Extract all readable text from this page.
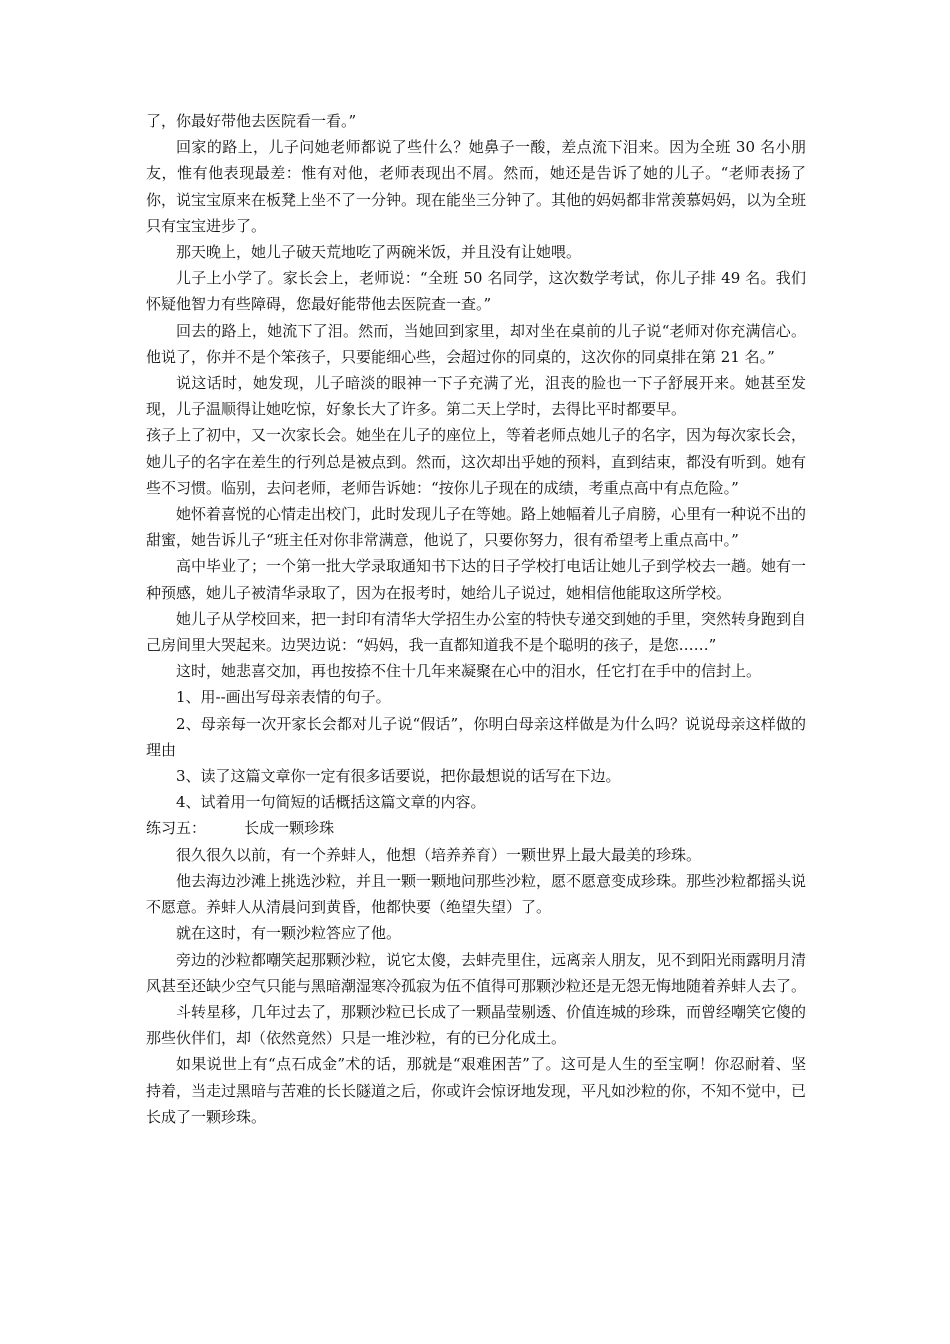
了，你最好带他去医院看一看。”

回家的路上，儿子问她老师都说了些什么？她鼻子一酸，差点流下泪来。因为全班 30 名小朋友，惟有他表现最差：惟有对他，老师表现出不屑。然而，她还是告诉了她的儿子。“老师表扬了你，说宝宝原来在板凳上坐不了一分钟。现在能坐三分钟了。其他的妈妈都非常羡慕妈妈，以为全班只有宝宝进步了。

那天晚上，她儿子破天荒地吃了两碗米饭，并且没有让她喂。

儿子上小学了。家长会上，老师说：“全班 50 名同学，这次数学考试，你儿子排 49 名。我们怀疑他智力有些障碍，您最好能带他去医院查一查。”

回去的路上，她流下了泪。然而，当她回到家里，却对坐在桌前的儿子说“老师对你充满信心。他说了，你并不是个笨孩子，只要能细心些，会超过你的同桌的，这次你的同桌排在第 21 名。”

说这话时，她发现，儿子暗淡的眼神一下子充满了光，沮丧的脸也一下子舒展开来。她甚至发现，儿子温顺得让她吃惊，好象长大了许多。第二天上学时，去得比平时都要早。

孩子上了初中，又一次家长会。她坐在儿子的座位上，等着老师点她儿子的名字，因为每次家长会，她儿子的名字在差生的行列总是被点到。然而，这次却出乎她的预料，直到结束，都没有听到。她有些不习惯。临别，去问老师，老师告诉她：“按你儿子现在的成绩，考重点高中有点危险。”

她怀着喜悦的心情走出校门，此时发现儿子在等她。路上她幅着儿子肩膀，心里有一种说不出的甜蜜，她告诉儿子“班主任对你非常满意，他说了，只要你努力，很有希望考上重点高中。”

高中毕业了；一个第一批大学录取通知书下达的日子学校打电话让她儿子到学校去一趟。她有一种预感，她儿子被清华录取了，因为在报考时，她给儿子说过，她相信他能取这所学校。

她儿子从学校回来，把一封印有清华大学招生办公室的特快专递交到她的手里，突然转身跑到自己房间里大哭起来。边哭边说：“妈妈，我一直都知道我不是个聪明的孩子，是您……”

这时，她悲喜交加，再也按捺不住十几年来凝聚在心中的泪水，任它打在手中的信封上。

1、用--画出写母亲表情的句子。

2、母亲每一次开家长会都对儿子说“假话”，你明白母亲这样做是为什么吗？说说母亲这样做的理由

3、读了这篇文章你一定有很多话要说，把你最想说的话写在下边。

4、试着用一句简短的话概括这篇文章的内容。

练习五：        长成一颗珍珠

很久很久以前，有一个养蚌人，他想（培养养育）一颗世界上最大最美的珍珠。

他去海边沙滩上挑选沙粒，并且一颗一颗地问那些沙粒，愿不愿意变成珍珠。那些沙粒都摇头说不愿意。养蚌人从清晨问到黄昏，他都快要（绝望失望）了。

就在这时，有一颗沙粒答应了他。

旁边的沙粒都嘲笑起那颗沙粒，说它太傻，去蚌壳里住，远离亲人朋友，见不到阳光雨露明月清风甚至还缺少空气只能与黑暗潮湿寒冷孤寂为伍不值得可那颗沙粒还是无怨无悔地随着养蚌人去了。

斗转星移，几年过去了，那颗沙粒已长成了一颗晶莹剔透、价值连城的珍珠，而曾经嘲笑它傻的那些伙伴们，却（依然竟然）只是一堆沙粒，有的已分化成土。

如果说世上有“点石成金”术的话，那就是“艰难困苦”了。这可是人生的至宝啊！你忍耐着、坚持着，当走过黑暗与苦难的长长隧道之后，你或许会惊讶地发现，平凡如沙粒的你，不知不觉中，已长成了一颗珍珠。
